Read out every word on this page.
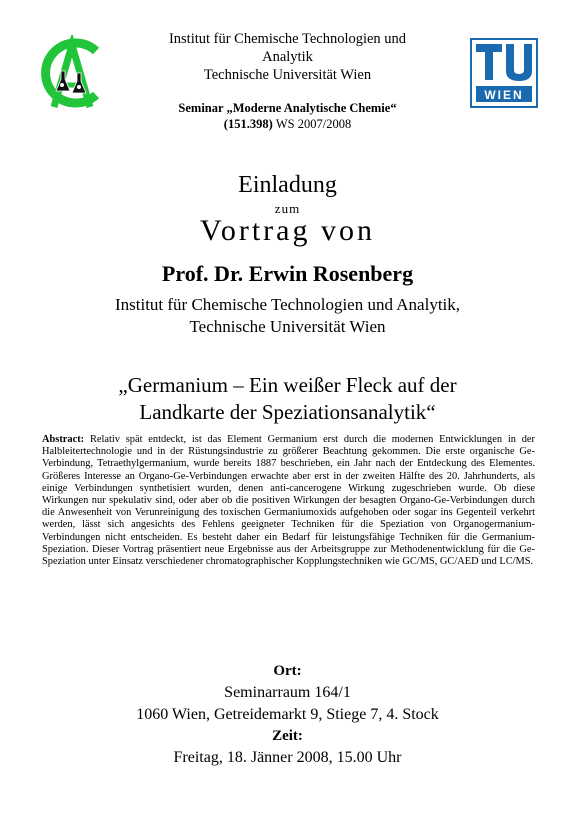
Institut für Chemische Technologien und
Analytik
Technische Universität Wien
Seminar „Moderne Analytische Chemie“
(151.398) WS 2007/2008
WIEN
Einladung
zum
Vortrag von
Prof. Dr. Erwin Rosenberg
Institut für Chemische Technologien und Analytik,
Technische Universität Wien
„Germanium – Ein weißer Fleck auf der
Landkarte der Speziationsanalytik“
Abstract: Relativ spät entdeckt, ist das Element Germanium erst durch die modernen Entwicklungen in der Halbleitertechnologie und in der Rüstungsindustrie zu größerer Beachtung gekommen. Die erste organische Ge-Verbindung, Tetraethylgermanium, wurde bereits 1887 beschrieben, ein Jahr nach der Entdeckung des Elementes. Größeres Interesse an Organo-Ge-Verbindungen erwachte aber erst in der zweiten Hälfte des 20. Jahrhunderts, als einige Verbindungen synthetisiert wurden, denen anti-cancerogene Wirkung zugeschrieben wurde. Ob diese Wirkungen nur spekulativ sind, oder aber ob die positiven Wirkungen der besagten Organo-Ge-Verbindungen durch die Anwesenheit von Verunreinigung des toxischen Germaniumoxids aufgehoben oder sogar ins Gegenteil verkehrt werden, lässt sich angesichts des Fehlens geeigneter Techniken für die Speziation von Organogermanium-Verbindungen nicht entscheiden. Es besteht daher ein Bedarf für leistungsfähige Techniken für die Germanium-Speziation. Dieser Vortrag präsentiert neue Ergebnisse aus der Arbeitsgruppe zur Methodenentwicklung für die Ge-Speziation unter Einsatz verschiedener chromatographischer Kopplungstechniken wie GC/MS, GC/AED und LC/MS.
Ort:
Seminarraum 164/1
1060 Wien, Getreidemarkt 9, Stiege 7, 4. Stock
Zeit:
Freitag, 18. Jänner 2008, 15.00 Uhr
